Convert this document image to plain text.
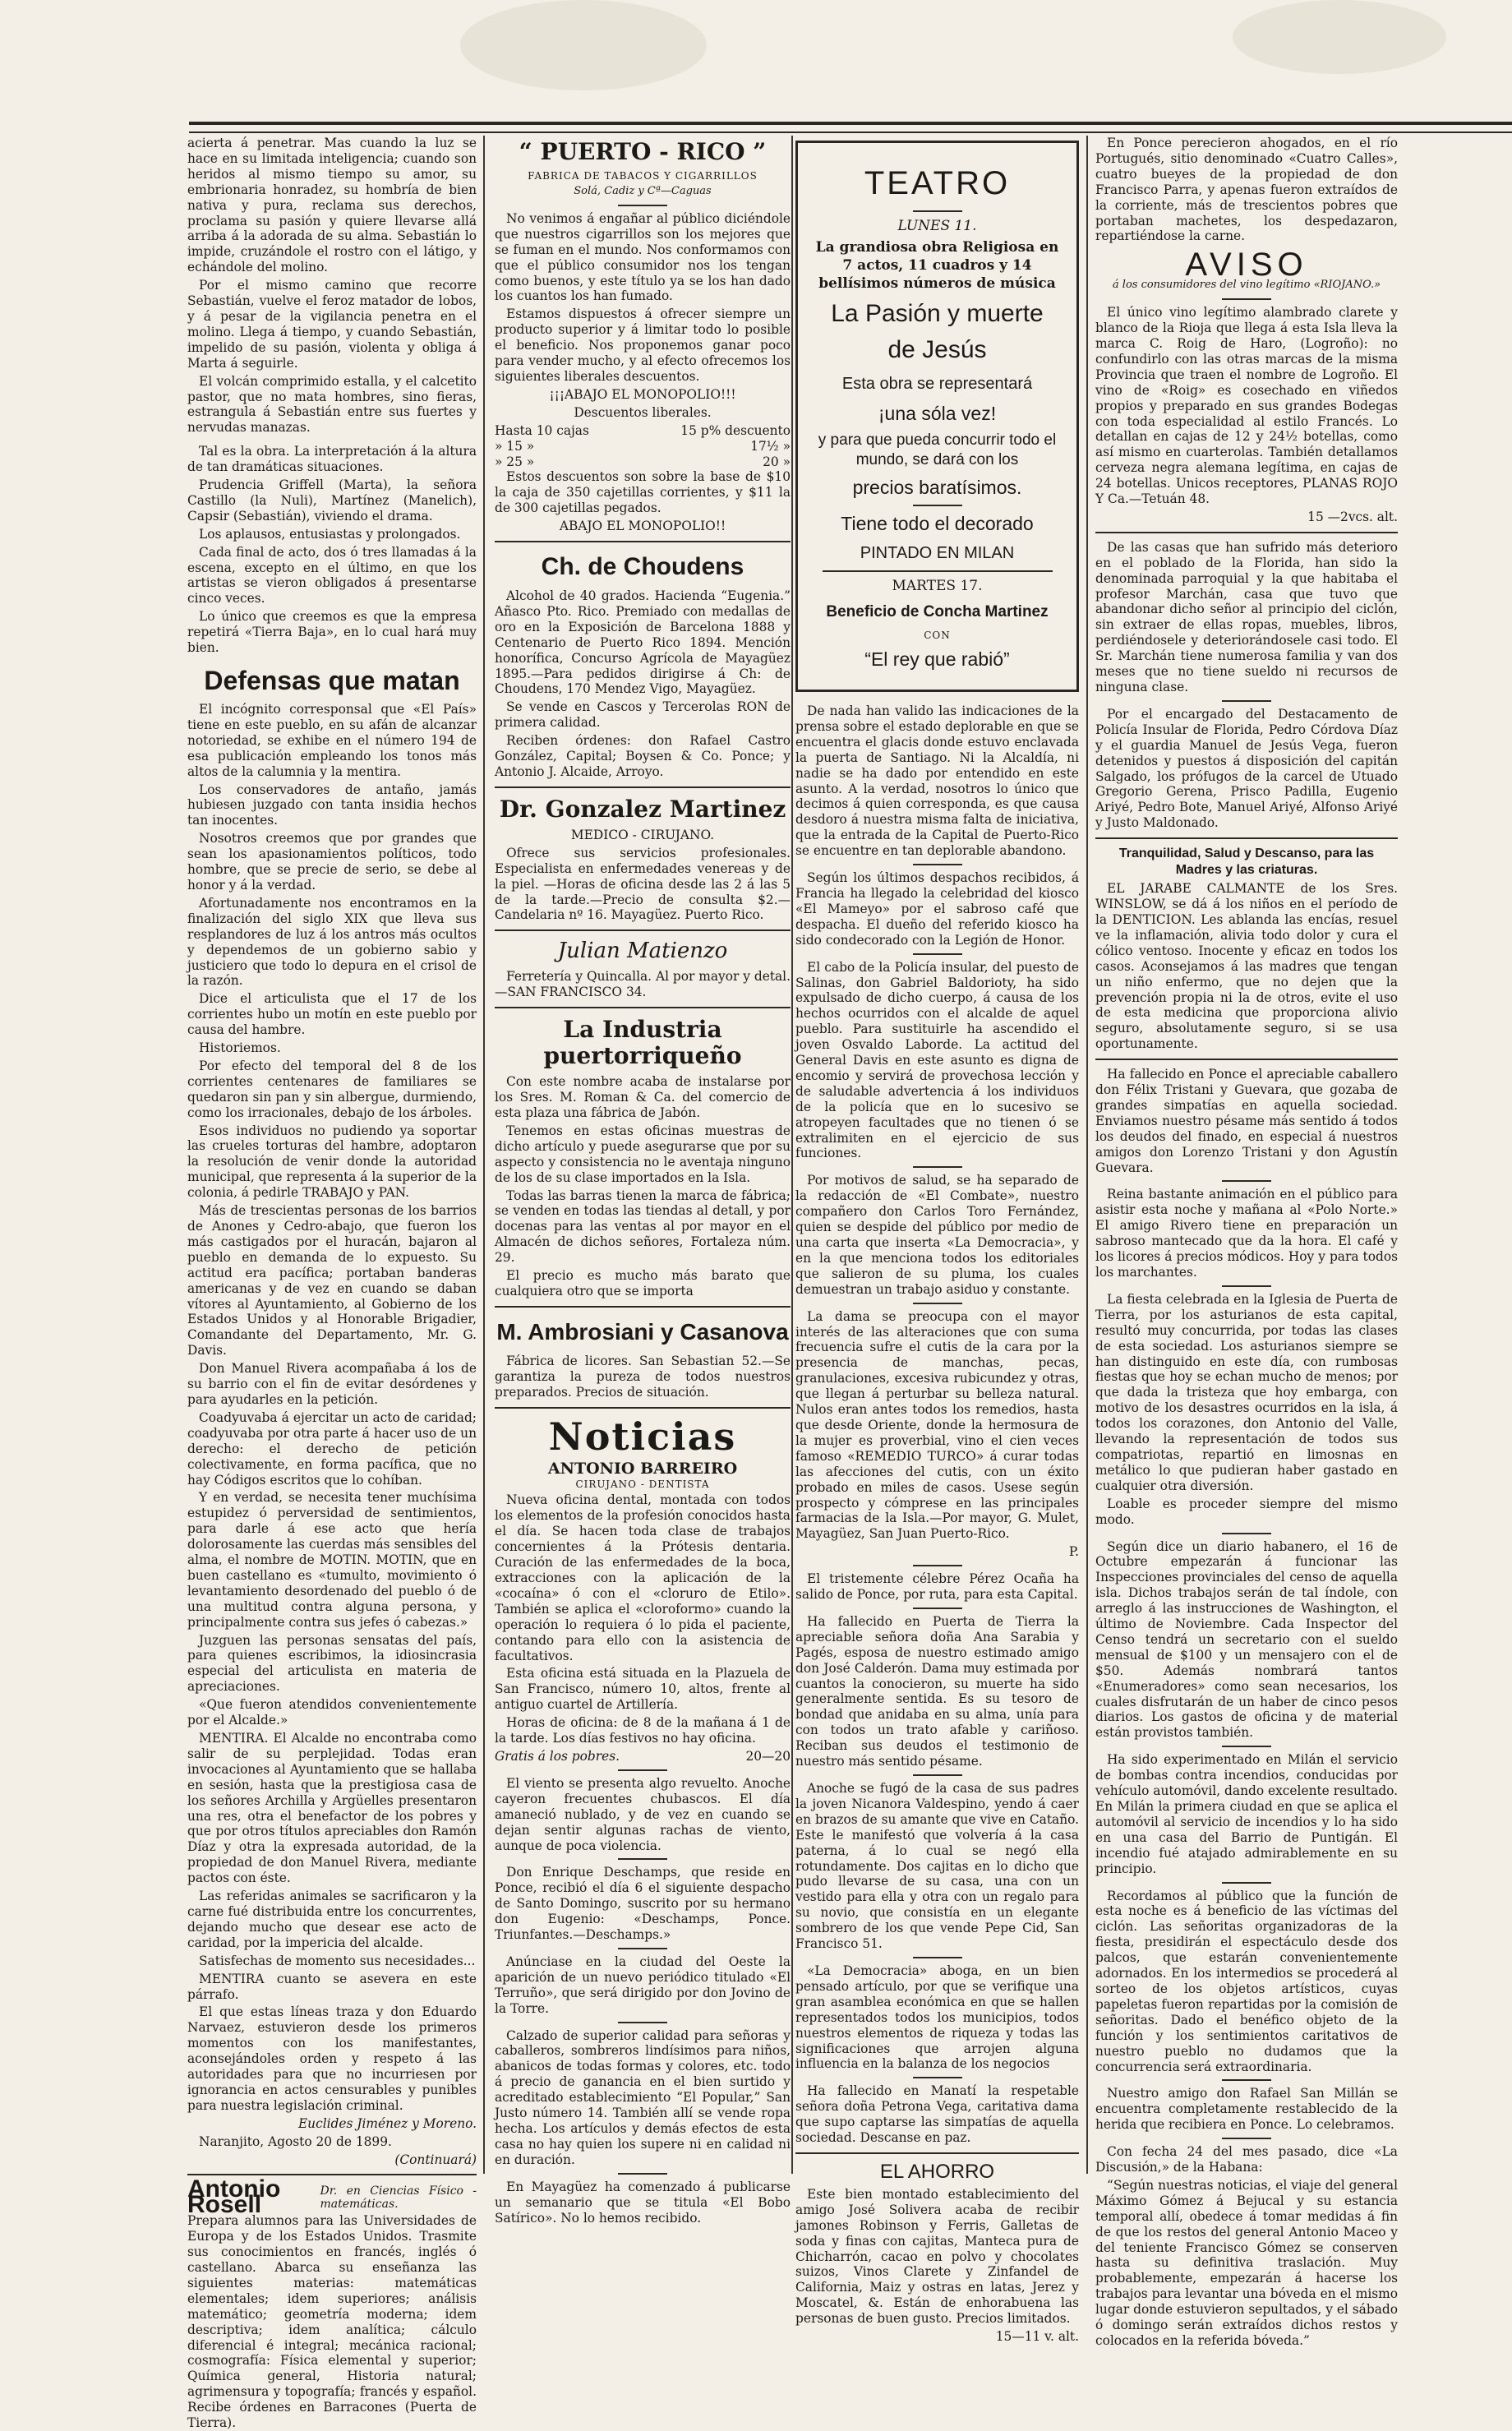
acierta á penetrar. Mas cuando la luz se hace en su limitada inteligencia; cuando son heridos al mismo tiempo su amor, su embrionaria honradez, su hombría de bien nativa y pura, reclama sus derechos, proclama su pasión y quiere llevarse allá arriba á la adorada de su alma. Sebastián lo impide, cruzándole el rostro con el látigo, y echándole del molino.

Por el mismo camino que recorre Sebastián, vuelve el feroz matador de lobos, y á pesar de la vigilancia penetra en el molino. Llega á tiempo, y cuando Sebastián, impelido de su pasión, violenta y obliga á Marta á seguirle.

El volcán comprimido estalla, y el calcetito pastor, que no mata hombres, sino fieras, estrangula á Sebastián entre sus fuertes y nervudas manazas.

Tal es la obra. La interpretación á la altura de tan dramáticas situaciones.

Prudencia Griffell (Marta), la señora Castillo (la Nuli), Martínez (Manelich), Capsir (Sebastián), viviendo el drama.

Los aplausos, entusiastas y prolongados.

Cada final de acto, dos ó tres llamadas á la escena, excepto en el último, en que los artistas se vieron obligados á presentarse cinco veces.

Lo único que creemos es que la empresa repetirá «Tierra Baja», en lo cual hará muy bien.

Defensas que matan

El incógnito corresponsal que «El País» tiene en este pueblo, en su afán de alcanzar notoriedad, se exhibe en el número 194 de esa publicación empleando los tonos más altos de la calumnia y la mentira.

Los conservadores de antaño, jamás hubiesen juzgado con tanta insidia hechos tan inocentes.

Nosotros creemos que por grandes que sean los apasionamientos políticos, todo hombre, que se precie de serio, se debe al honor y á la verdad.

Afortunadamente nos encontramos en la finalización del siglo XIX que lleva sus resplandores de luz á los antros más ocultos y dependemos de un gobierno sabio y justiciero que todo lo depura en el crisol de la razón.

Dice el articulista que el 17 de los corrientes hubo un motín en este pueblo por causa del hambre.

Historiemos.

Por efecto del temporal del 8 de los corrientes centenares de familiares se quedaron sin pan y sin albergue, durmiendo, como los irracionales, debajo de los árboles.

Esos individuos no pudiendo ya soportar las crueles torturas del hambre, adoptaron la resolución de venir donde la autoridad municipal, que representa á la superior de la colonia, á pedirle TRABAJO y PAN.

Más de trescientas personas de los barrios de Anones y Cedro-abajo, que fueron los más castigados por el huracán, bajaron al pueblo en demanda de lo expuesto. Su actitud era pacífica; portaban banderas americanas y de vez en cuando se daban vítores al Ayuntamiento, al Gobierno de los Estados Unidos y al Honorable Brigadier, Comandante del Departamento, Mr. G. Davis.

Don Manuel Rivera acompañaba á los de su barrio con el fin de evitar desórdenes y para ayudarles en la petición.

Coadyuvaba á ejercitar un acto de caridad; coadyuvaba por otra parte á hacer uso de un derecho: el derecho de petición colectivamente, en forma pacífica, que no hay Códigos escritos que lo cohíban.

Y en verdad, se necesita tener muchísima estupidez ó perversidad de sentimientos, para darle á ese acto que hería dolorosamente las cuerdas más sensibles del alma, el nombre de MOTIN. MOTIN, que en buen castellano es «tumulto, movimiento ó levantamiento desordenado del pueblo ó de una multitud contra alguna persona, y principalmente contra sus jefes ó cabezas.»

Juzguen las personas sensatas del país, para quienes escribimos, la idiosincrasia especial del articulista en materia de apreciaciones.

«Que fueron atendidos convenientemente por el Alcalde.»

MENTIRA. El Alcalde no encontraba como salir de su perplejidad. Todas eran invocaciones al Ayuntamiento que se hallaba en sesión, hasta que la prestigiosa casa de los señores Archilla y Argüelles presentaron una res, otra el benefactor de los pobres y que por otros títulos apreciables don Ramón Díaz y otra la expresada autoridad, de la propiedad de don Manuel Rivera, mediante pactos con éste.

Las referidas animales se sacrificaron y la carne fué distribuida entre los concurrentes, dejando mucho que desear ese acto de caridad, por la impericia del alcalde.

Satisfechas de momento sus necesidades...

MENTIRA cuanto se asevera en este párrafo.

El que estas líneas traza y don Eduardo Narvaez, estuvieron desde los primeros momentos con los manifestantes, aconsejándoles orden y respeto á las autoridades para que no incurriesen por ignorancia en actos censurables y punibles para nuestra legislación criminal.

Euclides Jiménez y Moreno.

Naranjito, Agosto 20 de 1899.

(Continuará)

Antonio Rosell	Dr. en Ciencias Físico - matemáticas.

Prepara alumnos para las Universidades de Europa y de los Estados Unidos. Trasmite sus conocimientos en francés, inglés ó castellano. Abarca su enseñanza las siguientes materias: matemáticas elementales; idem superiores; análisis matemático; geometría moderna; idem descriptiva; idem analítica; cálculo diferencial é integral; mecánica racional; cosmografía: Física elemental y superior; Química general, Historia natural; agrimensura y topografía; francés y español. Recibe órdenes en Barracones (Puerta de Tierra).

“ PUERTO - RICO ”

FABRICA DE TABACOS Y CIGARRILLOS

Solá, Cadiz y Cª—Caguas

No venimos á engañar al público diciéndole que nuestros cigarrillos son los mejores que se fuman en el mundo. Nos conformamos con que el público consumidor nos los tengan como buenos, y este título ya se los han dado los cuantos los han fumado.

Estamos dispuestos á ofrecer siempre un producto superior y á limitar todo lo posible el beneficio. Nos proponemos ganar poco para vender mucho, y al efecto ofrecemos los siguientes liberales descuentos.

¡¡¡ABAJO EL MONOPOLIO!!!

Descuentos liberales.

Hasta 10 cajas	15 p% descuento
» 15 »	17½ »
» 25 »	20 »

Estos descuentos son sobre la base de $10 la caja de 350 cajetillas corrientes, y $11 la de 300 cajetillas pegados.

ABAJO EL MONOPOLIO!!

Ch. de Choudens

Alcohol de 40 grados. Hacienda “Eugenia.” Añasco Pto. Rico. Premiado con medallas de oro en la Exposición de Barcelona 1888 y Centenario de Puerto Rico 1894. Mención honorífica, Concurso Agrícola de Mayagüez 1895.—Para pedidos dirigirse á Ch: de Choudens, 170 Mendez Vigo, Mayagüez.

Se vende en Cascos y Tercerolas RON de primera calidad.

Reciben órdenes: don Rafael Castro González, Capital; Boysen & Co. Ponce; y Antonio J. Alcaide, Arroyo.

Dr. Gonzalez Martinez

MEDICO - CIRUJANO.

Ofrece sus servicios profesionales. Especialista en enfermedades venereas y de la piel. —Horas de oficina desde las 2 á las 5 de la tarde.—Precio de consulta $2.—Candelaria nº 16. Mayagüez. Puerto Rico.

Julian Matienzo

Ferretería y Quincalla. Al por mayor y detal.—SAN FRANCISCO 34.

La Industria puertorriqueño

Con este nombre acaba de instalarse por los Sres. M. Roman & Ca. del comercio de esta plaza una fábrica de Jabón.

Tenemos en estas oficinas muestras de dicho artículo y puede asegurarse que por su aspecto y consistencia no le aventaja ninguno de los de su clase importados en la Isla.

Todas las barras tienen la marca de fábrica; se venden en todas las tiendas al detall, y por docenas para las ventas al por mayor en el Almacén de dichos señores, Fortaleza núm. 29.

El precio es mucho más barato que cualquiera otro que se importa

M. Ambrosiani y Casanova

Fábrica de licores. San Sebastian 52.—Se garantiza la pureza de todos nuestros preparados. Precios de situación.

Noticias

ANTONIO BARREIRO

CIRUJANO - DENTISTA

Nueva oficina dental, montada con todos los elementos de la profesión conocidos hasta el día. Se hacen toda clase de trabajos concernientes á la Prótesis dentaria. Curación de las enfermedades de la boca, extracciones con la aplicación de la «cocaína» ó con el «cloruro de Etilo». También se aplica el «cloroformo» cuando la operación lo requiera ó lo pida el paciente, contando para ello con la asistencia de facultativos.

Esta oficina está situada en la Plazuela de San Francisco, número 10, altos, frente al antiguo cuartel de Artillería.

Horas de oficina: de 8 de la mañana á 1 de la tarde. Los días festivos no hay oficina.

Gratis á los pobres.	20—20

El viento se presenta algo revuelto. Anoche cayeron frecuentes chubascos. El día amaneció nublado, y de vez en cuando se dejan sentir algunas rachas de viento, aunque de poca violencia.

Don Enrique Deschamps, que reside en Ponce, recibió el día 6 el siguiente despacho de Santo Domingo, suscrito por su hermano don Eugenio: «Deschamps, Ponce. Triunfantes.—Deschamps.»

Anúnciase en la ciudad del Oeste la aparición de un nuevo periódico titulado «El Terruño», que será dirigido por don Jovino de la Torre.

Calzado de superior calidad para señoras y caballeros, sombreros lindísimos para niños, abanicos de todas formas y colores, etc. todo á precio de ganancia en el bien surtido y acreditado establecimiento “El Popular,” San Justo número 14. También allí se vende ropa hecha. Los artículos y demás efectos de esta casa no hay quien los supere ni en calidad ni en duración.

En Mayagüez ha comenzado á publicarse un semanario que se titula «El Bobo Satírico». No lo hemos recibido.

TEATRO

LUNES 11.

La grandiosa obra Religiosa en 7 actos, 11 cuadros y 14 bellísimos números de música

La Pasión y muerte

de Jesús

Esta obra se representará

¡una sóla vez!

y para que pueda concurrir todo el mundo, se dará con los

precios baratísimos.

Tiene todo el decorado

PINTADO EN MILAN

MARTES 17.

Beneficio de Concha Martinez

CON

“El rey que rabió”

De nada han valido las indicaciones de la prensa sobre el estado deplorable en que se encuentra el glacis donde estuvo enclavada la puerta de Santiago. Ni la Alcaldía, ni nadie se ha dado por entendido en este asunto. A la verdad, nosotros lo único que decimos á quien corresponda, es que causa desdoro á nuestra misma falta de iniciativa, que la entrada de la Capital de Puerto-Rico se encuentre en tan deplorable abandono.

Según los últimos despachos recibidos, á Francia ha llegado la celebridad del kiosco «El Mameyo» por el sabroso café que despacha. El dueño del referido kiosco ha sido condecorado con la Legión de Honor.

El cabo de la Policía insular, del puesto de Salinas, don Gabriel Baldorioty, ha sido expulsado de dicho cuerpo, á causa de los hechos ocurridos con el alcalde de aquel pueblo. Para sustituirle ha ascendido el joven Osvaldo Laborde. La actitud del General Davis en este asunto es digna de encomio y servirá de provechosa lección y de saludable advertencia á los individuos de la policía que en lo sucesivo se atropeyen facultades que no tienen ó se extralimiten en el ejercicio de sus funciones.

Por motivos de salud, se ha separado de la redacción de «El Combate», nuestro compañero don Carlos Toro Fernández, quien se despide del público por medio de una carta que inserta «La Democracia», y en la que menciona todos los editoriales que salieron de su pluma, los cuales demuestran un trabajo asiduo y constante.

La dama se preocupa con el mayor interés de las alteraciones que con suma frecuencia sufre el cutis de la cara por la presencia de manchas, pecas, granulaciones, excesiva rubicundez y otras, que llegan á perturbar su belleza natural. Nulos eran antes todos los remedios, hasta que desde Oriente, donde la hermosura de la mujer es proverbial, vino el cien veces famoso «REMEDIO TURCO» á curar todas las afecciones del cutis, con un éxito probado en miles de casos. Usese según prospecto y cómprese en las principales farmacias de la Isla.—Por mayor, G. Mulet, Mayagüez, San Juan Puerto-Rico.

P.

El tristemente célebre Pérez Ocaña ha salido de Ponce, por ruta, para esta Capital.

Ha fallecido en Puerta de Tierra la apreciable señora doña Ana Sarabia y Pagés, esposa de nuestro estimado amigo don José Calderón. Dama muy estimada por cuantos la conocieron, su muerte ha sido generalmente sentida. Es su tesoro de bondad que anidaba en su alma, unía para con todos un trato afable y cariñoso. Reciban sus deudos el testimonio de nuestro más sentido pésame.

Anoche se fugó de la casa de sus padres la joven Nicanora Valdespino, yendo á caer en brazos de su amante que vive en Cataño. Este le manifestó que volvería á la casa paterna, á lo cual se negó ella rotundamente. Dos cajitas en lo dicho que pudo llevarse de su casa, una con un vestido para ella y otra con un regalo para su novio, que consistía en un elegante sombrero de los que vende Pepe Cid, San Francisco 51.

«La Democracia» aboga, en un bien pensado artículo, por que se verifique una gran asamblea económica en que se hallen representados todos los municipios, todos nuestros elementos de riqueza y todas las significaciones que arrojen alguna influencia en la balanza de los negocios

Ha fallecido en Manatí la respetable señora doña Petrona Vega, caritativa dama que supo captarse las simpatías de aquella sociedad. Descanse en paz.

EL AHORRO

Este bien montado establecimiento del amigo José Solivera acaba de recibir jamones Robinson y Ferris, Galletas de soda y finas con cajitas, Manteca pura de Chicharrón, cacao en polvo y chocolates suizos, Vinos Clarete y Zinfandel de California, Maiz y ostras en latas, Jerez y Moscatel, &. Están de enhorabuena las personas de buen gusto. Precios limitados.

15—11 v. alt.

En Ponce perecieron ahogados, en el río Portugués, sitio denominado «Cuatro Calles», cuatro bueyes de la propiedad de don Francisco Parra, y apenas fueron extraídos de la corriente, más de trescientos pobres que portaban machetes, los despedazaron, repartiéndose la carne.

AVISO

á los consumidores del vino legítimo «RIOJANO.»

El único vino legítimo alambrado clarete y blanco de la Rioja que llega á esta Isla lleva la marca C. Roig de Haro, (Logroño): no confundirlo con las otras marcas de la misma Provincia que traen el nombre de Logroño. El vino de «Roig» es cosechado en viñedos propios y preparado en sus grandes Bodegas con toda especialidad al estilo Francés. Lo detallan en cajas de 12 y 24½ botellas, como así mismo en cuarterolas. También detallamos cerveza negra alemana legítima, en cajas de 24 botellas. Unicos receptores, PLANAS ROJO Y Ca.—Tetuán 48.

15 —2vcs. alt.

De las casas que han sufrido más deterioro en el poblado de la Florida, han sido la denominada parroquial y la que habitaba el profesor Marchán, casa que tuvo que abandonar dicho señor al principio del ciclón, sin extraer de ellas ropas, muebles, libros, perdiéndosele y deteriorándosele casi todo. El Sr. Marchán tiene numerosa familia y van dos meses que no tiene sueldo ni recursos de ninguna clase.

Por el encargado del Destacamento de Policía Insular de Florida, Pedro Córdova Díaz y el guardia Manuel de Jesús Vega, fueron detenidos y puestos á disposición del capitán Salgado, los prófugos de la carcel de Utuado Gregorio Gerena, Prisco Padilla, Eugenio Ariyé, Pedro Bote, Manuel Ariyé, Alfonso Ariyé y Justo Maldonado.

Tranquilidad, Salud y Descanso, para las Madres y las criaturas.

EL JARABE CALMANTE de los Sres. WINSLOW, se dá á los niños en el período de la DENTICION. Les ablanda las encías, resuel ve la inflamación, alivia todo dolor y cura el cólico ventoso. Inocente y eficaz en todos los casos. Aconsejamos á las madres que tengan un niño enfermo, que no dejen que la prevención propia ni la de otros, evite el uso de esta medicina que proporciona alivio seguro, absolutamente seguro, si se usa oportunamente.

Ha fallecido en Ponce el apreciable caballero don Félix Tristani y Guevara, que gozaba de grandes simpatías en aquella sociedad. Enviamos nuestro pésame más sentido á todos los deudos del finado, en especial á nuestros amigos don Lorenzo Tristani y don Agustín Guevara.

Reina bastante animación en el público para asistir esta noche y mañana al «Polo Norte.» El amigo Rivero tiene en preparación un sabroso mantecado que da la hora. El café y los licores á precios módicos. Hoy y para todos los marchantes.

La fiesta celebrada en la Iglesia de Puerta de Tierra, por los asturianos de esta capital, resultó muy concurrida, por todas las clases de esta sociedad. Los asturianos siempre se han distinguido en este día, con rumbosas fiestas que hoy se echan mucho de menos; por que dada la tristeza que hoy embarga, con motivo de los desastres ocurridos en la isla, á todos los corazones, don Antonio del Valle, llevando la representación de todos sus compatriotas, repartió en limosnas en metálico lo que pudieran haber gastado en cualquier otra diversión.

Loable es proceder siempre del mismo modo.

Según dice un diario habanero, el 16 de Octubre empezarán á funcionar las Inspecciones provinciales del censo de aquella isla. Dichos trabajos serán de tal índole, con arreglo á las instrucciones de Washington, el último de Noviembre. Cada Inspector del Censo tendrá un secretario con el sueldo mensual de $100 y un mensajero con el de $50. Además nombrará tantos «Enumeradores» como sean necesarios, los cuales disfrutarán de un haber de cinco pesos diarios. Los gastos de oficina y de material están provistos también.

Ha sido experimentado en Milán el servicio de bombas contra incendios, conducidas por vehículo automóvil, dando excelente resultado. En Milán la primera ciudad en que se aplica el automóvil al servicio de incendios y lo ha sido en una casa del Barrio de Puntigán. El incendio fué atajado admirablemente en su principio.

Recordamos al público que la función de esta noche es á beneficio de las víctimas del ciclón. Las señoritas organizadoras de la fiesta, presidirán el espectáculo desde dos palcos, que estarán convenientemente adornados. En los intermedios se procederá al sorteo de los objetos artísticos, cuyas papeletas fueron repartidas por la comisión de señoritas. Dado el benéfico objeto de la función y los sentimientos caritativos de nuestro pueblo no dudamos que la concurrencia será extraordinaria.

Nuestro amigo don Rafael San Millán se encuentra completamente restablecido de la herida que recibiera en Ponce. Lo celebramos.

Con fecha 24 del mes pasado, dice «La Discusión,» de la Habana:

“Según nuestras noticias, el viaje del general Máximo Gómez á Bejucal y su estancia temporal allí, obedece á tomar medidas á fin de que los restos del general Antonio Maceo y del teniente Francisco Gómez se conserven hasta su definitiva traslación. Muy probablemente, empezarán á hacerse los trabajos para levantar una bóveda en el mismo lugar donde estuvieron sepultados, y el sábado ó domingo serán extraídos dichos restos y colocados en la referida bóveda.”
